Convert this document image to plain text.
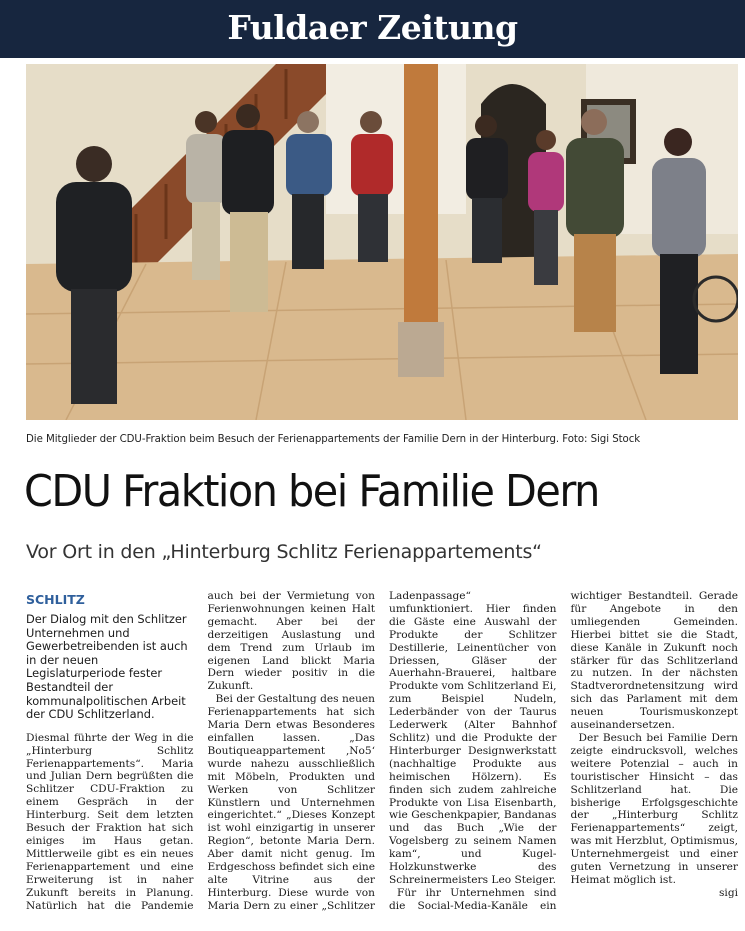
Fuldaer Zeitung
Die Mitglieder der CDU-Fraktion beim Besuch der Ferienappartements der Familie Dern in der Hinterburg. Foto: Sigi Stock
CDU Fraktion bei Familie Dern
Vor Ort in den „Hinterburg Schlitz Ferienappartements“
SCHLITZ

Der Dialog mit den Schlitzer Unternehmen und Gewerbetreibenden ist auch in der neuen Legislaturperiode fester Bestandteil der kommunalpolitischen Arbeit der CDU Schlitzerland.

Diesmal führte der Weg in die „Hinterburg Schlitz Ferienappartements“. Maria und Julian Dern begrüßten die Schlitzer CDU-Fraktion zu einem Gespräch in der Hinterburg. Seit dem letzten Besuch der Fraktion hat sich einiges im Haus getan. Mittlerweile gibt es ein neues Ferienappartement und eine Erweiterung ist in naher Zukunft bereits in Planung. Natürlich hat die Pandemie auch bei der Vermietung von Ferienwohnungen keinen Halt gemacht. Aber bei der derzeitigen Auslastung und dem Trend zum Urlaub im eigenen Land blickt Maria Dern wieder positiv in die Zukunft.

Bei der Gestaltung des neuen Ferienappartements hat sich Maria Dern etwas Besonderes einfallen lassen. „Das Boutiqueappartement ‚No5‘ wurde nahezu ausschließlich mit Möbeln, Produkten und Werken von Schlitzer Künstlern und Unternehmen eingerichtet.“ „Dieses Konzept ist wohl einzigartig in unserer Region“, betonte Maria Dern. Aber damit nicht genug. Im Erdgeschoss befindet sich eine alte Vitrine aus der Hinterburg. Diese wurde von Maria Dern zu einer „Schlitzer Ladenpassage“ umfunktioniert. Hier finden die Gäste eine Auswahl der Produkte der Schlitzer Destillerie, Leinentücher von Driessen, Gläser der Auerhahn-Brauerei, haltbare Produkte vom Schlitzerland Ei, zum Beispiel Nudeln, Lederbänder von der Taurus Lederwerk (Alter Bahnhof Schlitz) und die Produkte der Hinterburger Designwerkstatt (nachhaltige Produkte aus heimischen Hölzern). Es finden sich zudem zahlreiche Produkte von Lisa Eisenbarth, wie Geschenkpapier, Bandanas und das Buch „Wie der Vogelsberg zu seinem Namen kam“, und Kugel-Holzkunstwerke des Schreinermeisters Leo Steiger.

Für ihr Unternehmen sind die Social-Media-Kanäle ein wichtiger Bestandteil. Gerade für Angebote in den umliegenden Gemeinden. Hierbei bittet sie die Stadt, diese Kanäle in Zukunft noch stärker für das Schlitzerland zu nutzen. In der nächsten Stadtverordnetensitzung wird sich das Parlament mit dem neuen Tourismuskonzept auseinandersetzen.

Der Besuch bei Familie Dern zeigte eindrucksvoll, welches weitere Potenzial – auch in touristischer Hinsicht – das Schlitzerland hat. Die bisherige Erfolgsgeschichte der „Hinterburg Schlitz Ferienappartements“ zeigt, was mit Herzblut, Optimismus, Unternehmergeist und einer guten Vernetzung in unserer Heimat möglich ist.

sigi
